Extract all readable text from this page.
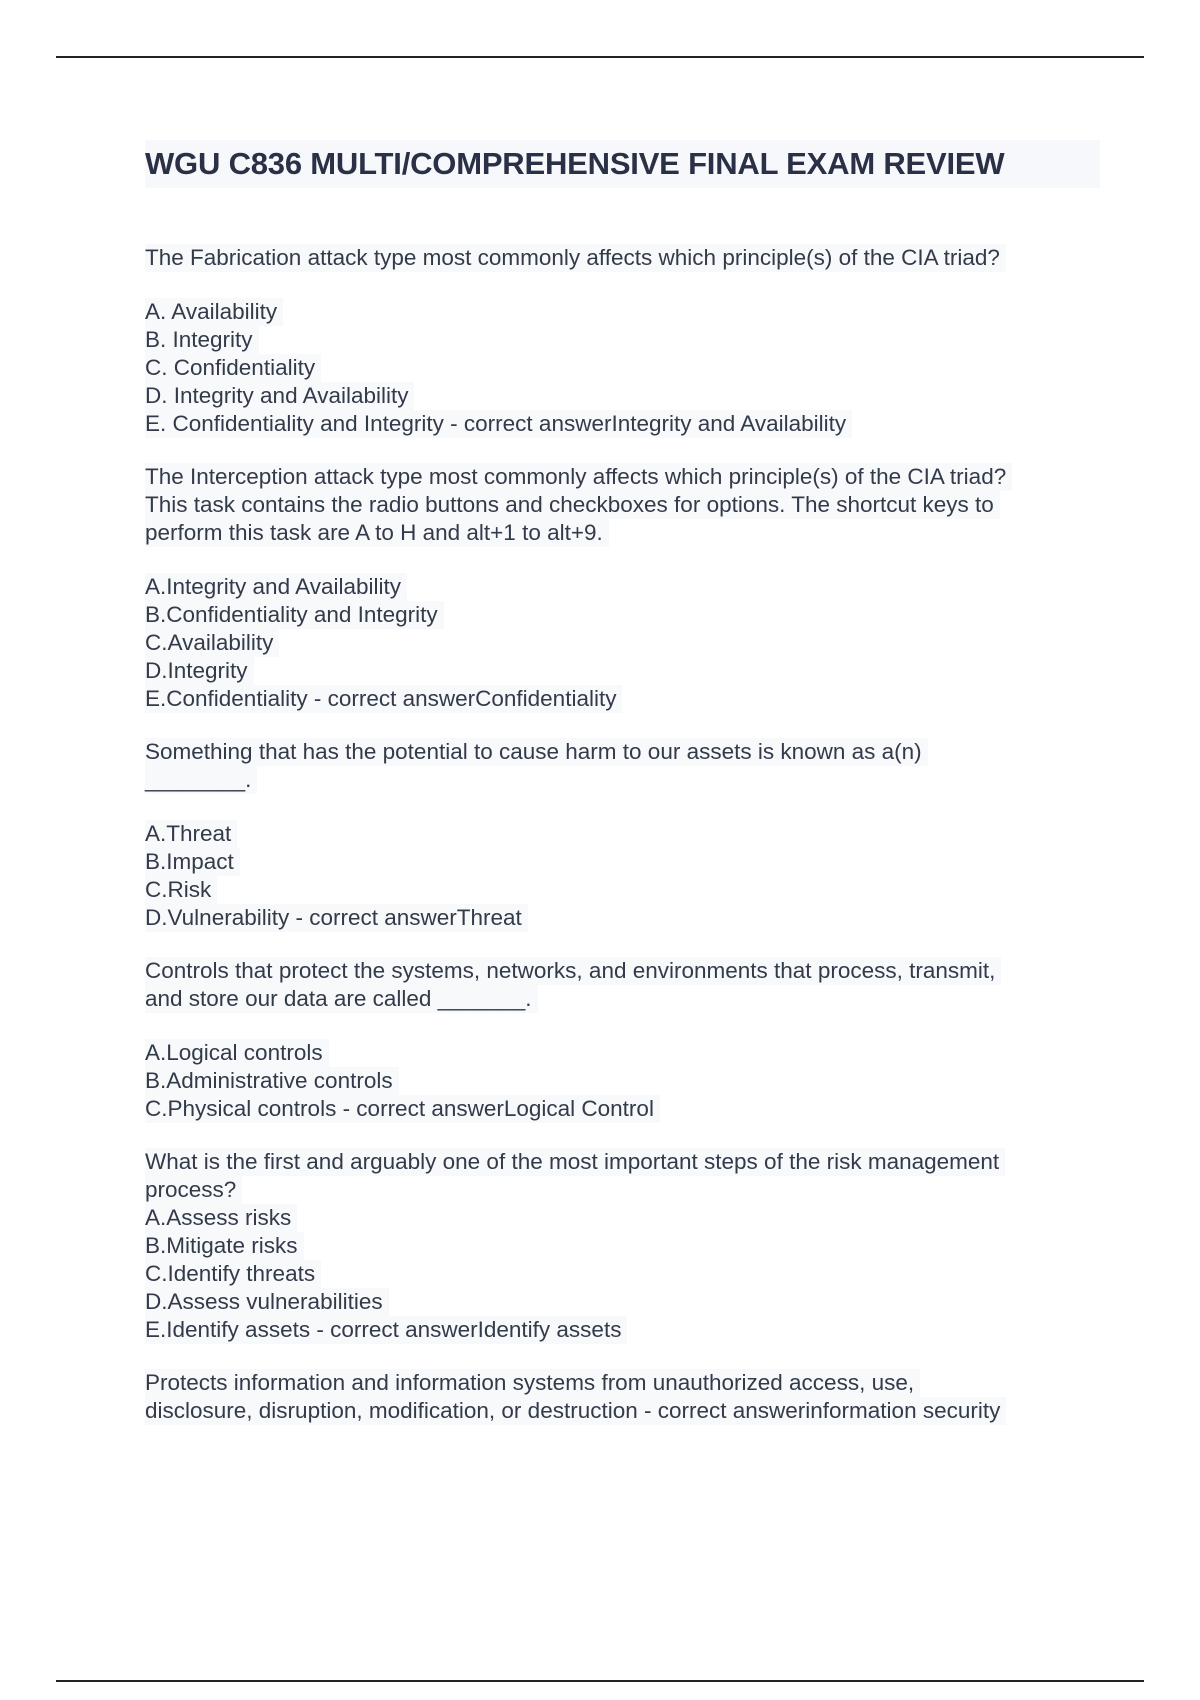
WGU C836 MULTI/COMPREHENSIVE FINAL EXAM REVIEW
The Fabrication attack type most commonly affects which principle(s) of the CIA triad?
A. Availability
B. Integrity
C. Confidentiality
D. Integrity and Availability
E. Confidentiality and Integrity - correct answerIntegrity and Availability
The Interception attack type most commonly affects which principle(s) of the CIA triad?
This task contains the radio buttons and checkboxes for options. The shortcut keys to
perform this task are A to H and alt+1 to alt+9.
A.Integrity and Availability
B.Confidentiality and Integrity
C.Availability
D.Integrity
E.Confidentiality - correct answerConfidentiality
Something that has the potential to cause harm to our assets is known as a(n)
________.
A.Threat
B.Impact
C.Risk
D.Vulnerability - correct answerThreat
Controls that protect the systems, networks, and environments that process, transmit,
and store our data are called _______.
A.Logical controls
B.Administrative controls
C.Physical controls - correct answerLogical Control
What is the first and arguably one of the most important steps of the risk management
process?
A.Assess risks
B.Mitigate risks
C.Identify threats
D.Assess vulnerabilities
E.Identify assets - correct answerIdentify assets
Protects information and information systems from unauthorized access, use,
disclosure, disruption, modification, or destruction - correct answerinformation security
